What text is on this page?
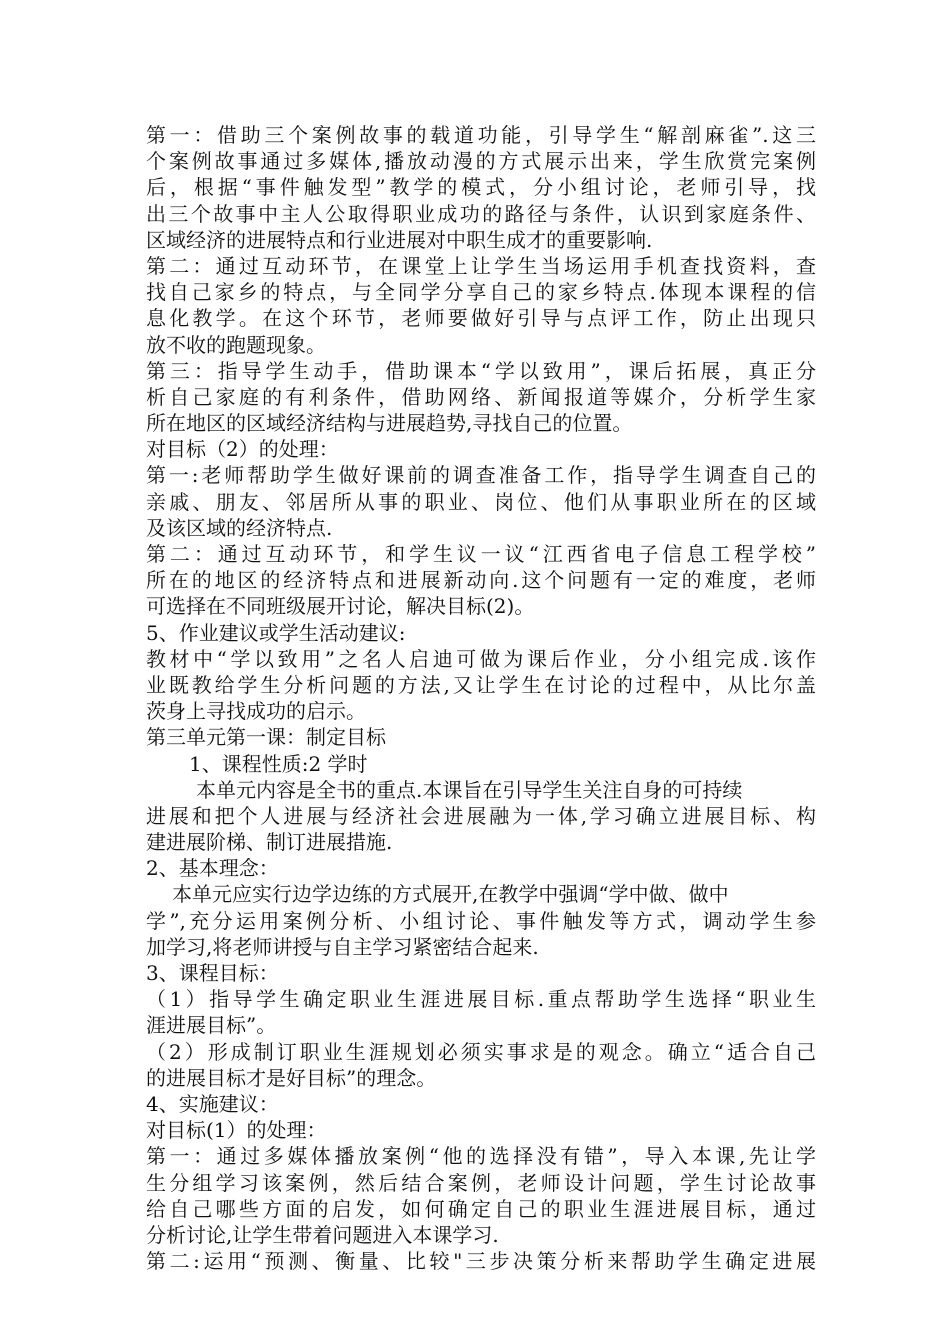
第一：借助三个案例故事的载道功能，引导学生“解剖麻雀”.这三
个案例故事通过多媒体,播放动漫的方式展示出来，学生欣赏完案例
后，根据“事件触发型”教学的模式，分小组讨论，老师引导，找
出三个故事中主人公取得职业成功的路径与条件，认识到家庭条件、
区域经济的进展特点和行业进展对中职生成才的重要影响.
第二：通过互动环节，在课堂上让学生当场运用手机查找资料，查
找自己家乡的特点，与全同学分享自己的家乡特点.体现本课程的信
息化教学。在这个环节，老师要做好引导与点评工作，防止出现只
放不收的跑题现象。
第三：指导学生动手，借助课本“学以致用”，课后拓展，真正分
析自己家庭的有利条件，借助网络、新闻报道等媒介，分析学生家
所在地区的区域经济结构与进展趋势,寻找自己的位置。
对目标（2）的处理：
第一:老师帮助学生做好课前的调查准备工作，指导学生调查自己的
亲戚、朋友、邻居所从事的职业、岗位、他们从事职业所在的区域
及该区域的经济特点.
第二：通过互动环节，和学生议一议“江西省电子信息工程学校”
所在的地区的经济特点和进展新动向.这个问题有一定的难度，老师
可选择在不同班级展开讨论，解决目标(2)。
5、作业建议或学生活动建议:
教材中“学以致用”之名人启迪可做为课后作业，分小组完成.该作
业既教给学生分析问题的方法,又让学生在讨论的过程中，从比尔盖
茨身上寻找成功的启示。
第三单元第一课：制定目标
1、课程性质:2 学时
本单元内容是全书的重点.本课旨在引导学生关注自身的可持续
进展和把个人进展与经济社会进展融为一体,学习确立进展目标、构
建进展阶梯、制订进展措施.
2、基本理念：
本单元应实行边学边练的方式展开,在教学中强调“学中做、做中
学”,充分运用案例分析、小组讨论、事件触发等方式，调动学生参
加学习,将老师讲授与自主学习紧密结合起来.
3、课程目标：
（1）指导学生确定职业生涯进展目标.重点帮助学生选择“职业生
涯进展目标”。
（2）形成制订职业生涯规划必须实事求是的观念。确立“适合自己
的进展目标才是好目标”的理念。
4、实施建议：
对目标(1）的处理：
第一：通过多媒体播放案例“他的选择没有错”，导入本课,先让学
生分组学习该案例，然后结合案例，老师设计问题，学生讨论故事
给自己哪些方面的启发，如何确定自己的职业生涯进展目标，通过
分析讨论,让学生带着问题进入本课学习.
第二:运用“预测、衡量、比较"三步决策分析来帮助学生确定进展
